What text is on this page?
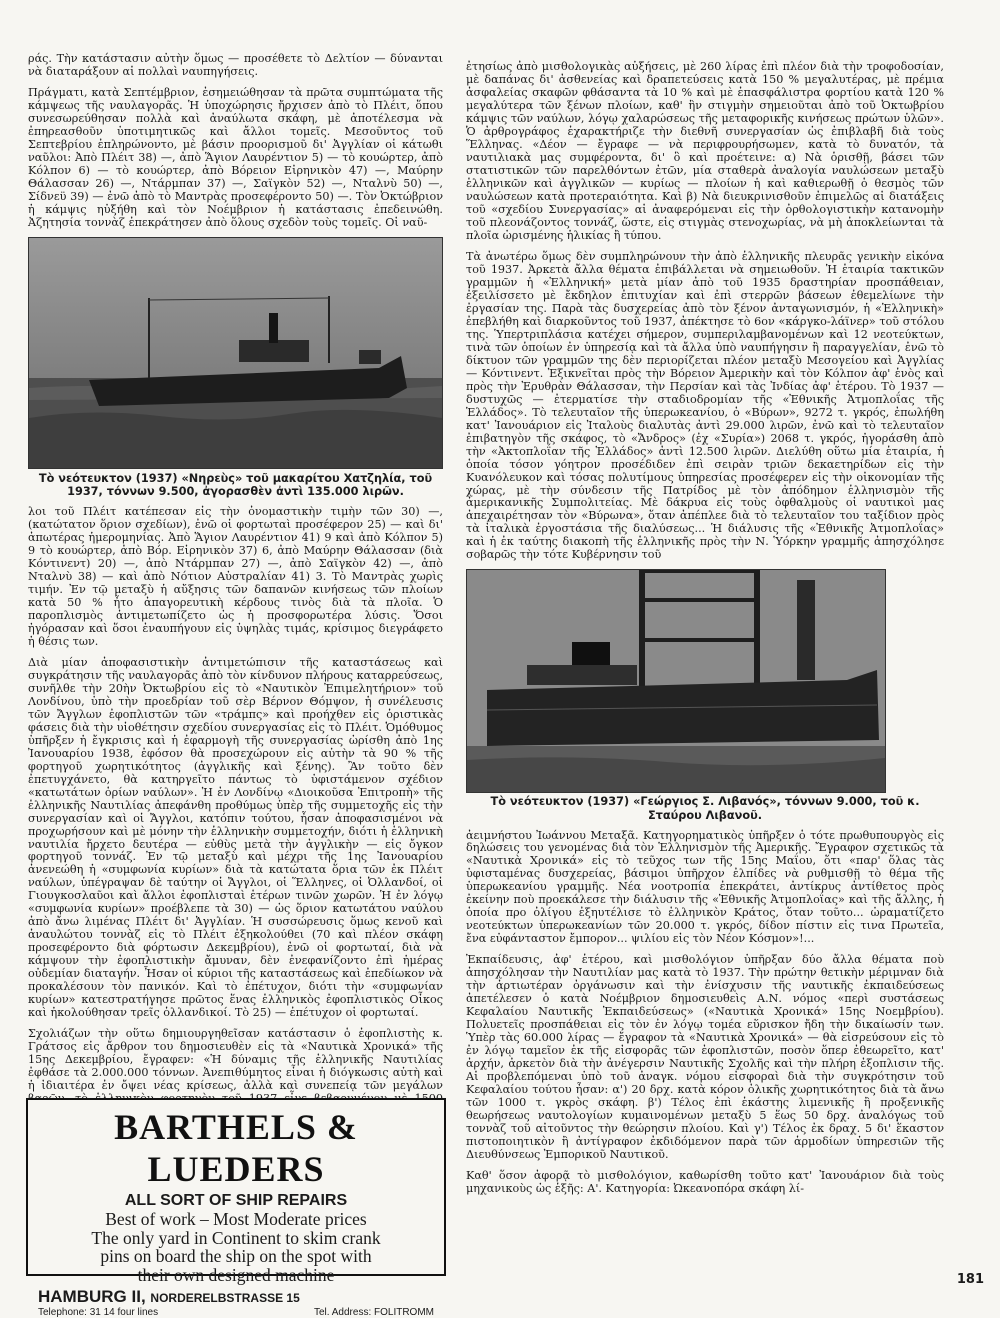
ράς. Τὴν κατάστασιν αὐτὴν ὅμως — προσέθετε τὸ Δελτίον — δύνανται νὰ διαταράξουν αἱ πολλαὶ ναυπηγήσεις.

Πράγματι, κατὰ Σεπτέμβριον, ἐσημειώθησαν τὰ πρῶτα συμπτώματα τῆς κάμψεως τῆς ναυλαγορᾶς. Ἡ ὑποχώρησις ἤρχισεν ἀπὸ τὸ Πλέιτ, ὅπου συνεσωρεύθησαν πολλὰ καὶ ἀναύλωτα σκάφη, μὲ ἀποτέλεσμα νὰ ἐπηρεασθοῦν ὑποτιμητικῶς καὶ ἄλλοι τομεῖς. Μεσοῦντος τοῦ Σεπτεβρίου ἐπληρώνοντο, μὲ βάσιν προορισμοῦ δι' Ἀγγλίαν οἱ κάτωθι ναῦλοι: Ἀπὸ Πλέιτ 38) —, ἀπὸ Ἅγιον Λαυρέντιον 5) — τὸ κουώρτερ, ἀπὸ Κόλπον 6) — τὸ κουώρτερ, ἀπὸ Βόρειον Εἰρηνικὸν 47) —, Μαύρην Θάλασσαν 26) —, Ντάρμπαν 37) —, Σαϊγκὸν 52) —, Νταλνὺ 50) —, Σίδνεϋ 39) — ἐνῶ ἀπὸ τὸ Μαντρὰς προσεφέροντο 50) —. Τὸν Ὀκτώβριον ἡ κάμψις ηὐξήθη καὶ τὸν Νοέμβριον ἡ κατάστασις ἐπεδεινώθη. Ἀζητησία τοννὰζ ἐπεκράτησεν ἀπὸ ὅλους σχεδὸν τοὺς τομεῖς. Οἱ ναῦ-

Τὸ νεότευκτον (1937) «Νηρεὺς» τοῦ μακαρίτου Χατζηλία, τοῦ 1937, τόννων 9.500, ἀγορασθὲν ἀντὶ 135.000 λιρῶν.

λοι τοῦ Πλέιτ κατέπεσαν εἰς τὴν ὀνομαστικὴν τιμὴν τῶν 30) —, (κατώτατον ὅριον σχεδίων), ἐνῶ οἱ φορτωταὶ προσέφερον 25) — καὶ δι' ἀπωτέρας ἡμερομηνίας. Ἀπὸ Ἅγιον Λαυρέντιον 41) 9 καὶ ἀπὸ Κόλπον 5) 9 τὸ κουώρτερ, ἀπὸ Βόρ. Εἰρηνικὸν 37) 6, ἀπὸ Μαύρην Θάλασσαν (διὰ Κόντινεντ) 20) —, ἀπὸ Ντάρμπαν 27) —, ἀπὸ Σαϊγκὸν 42) —, ἀπὸ Νταλνὺ 38) — καὶ ἀπὸ Νότιον Αὐστραλίαν 41) 3. Τὸ Μαντρὰς χωρὶς τιμήν. Ἐν τῷ μεταξὺ ἡ αὔξησις τῶν δαπανῶν κινήσεως τῶν πλοίων κατὰ 50 % ἦτο ἀπαγορευτικὴ κέρδους τινὸς διὰ τὰ πλοῖα. Ὁ παροπλισμὸς ἀντιμετωπίζετο ὡς ἡ προσφορωτέρα λύσις. Ὅσοι ἠγόρασαν καὶ ὅσοι ἐναυπήγουν εἰς ὑψηλὰς τιμάς, κρίσιμος διεγράφετο ἡ θέσις των.

Διὰ μίαν ἀποφασιστικὴν ἀντιμετώπισιν τῆς καταστάσεως καὶ συγκράτησιν τῆς ναυλαγορᾶς ἀπὸ τὸν κίνδυνον πλήρους καταρρεύσεως, συνῆλθε τὴν 20ὴν Ὀκτωβρίου εἰς τὸ «Ναυτικὸν Ἐπιμελητήριον» τοῦ Λονδίνου, ὑπὸ τὴν προεδρίαν τοῦ σὲρ Βέρνον Θόμψον, ἡ συνέλευσις τῶν Ἄγγλων ἐφοπλιστῶν τῶν «τράμπς» καὶ προήχθεν εἰς ὁριστικὰς φάσεις διὰ τὴν υἱοθέτησιν σχεδίου συνεργασίας εἰς τὸ Πλέιτ. Ὁμόθυμος ὑπῆρξεν ἡ ἔγκρισις καὶ ἡ ἐφαρμογὴ τῆς συνεργασίας ὡρίσθη ἀπὸ 1ης Ἰανουαρίου 1938, ἐφόσον θὰ προσεχώρουν εἰς αὐτὴν τὰ 90 % τῆς φορτηγοῦ χωρητικότητος (ἀγγλικῆς καὶ ξένης). Ἂν τοῦτο δὲν ἐπετυγχάνετο, θὰ κατηργεῖτο πάντως τὸ ὑφιστάμενον σχέδιον «κατωτάτων ὁρίων ναύλων». Ἡ ἐν Λονδίνῳ «Διοικοῦσα Ἐπιτροπὴ» τῆς ἑλληνικῆς Ναυτιλίας ἀπεφάνθη προθύμως ὑπὲρ τῆς συμμετοχῆς εἰς τὴν συνεργασίαν καὶ οἱ Ἄγγλοι, κατόπιν τούτου, ἦσαν ἀποφασισμένοι νὰ προχωρήσουν καὶ μὲ μόνην τὴν ἑλληνικὴν συμμετοχήν, διότι ἡ ἑλληνικὴ ναυτιλία ἤρχετο δευτέρα — εὐθὺς μετὰ τὴν ἀγγλικὴν — εἰς ὄγκον φορτηγοῦ τοννάζ. Ἐν τῷ μεταξὺ καὶ μέχρι τῆς 1ης Ἰανουαρίου ἀνενεώθη ἡ «συμφωνία κυρίων» διὰ τὰ κατώτατα ὅρια τῶν ἐκ Πλέιτ ναύλων, ὑπέγραψαν δὲ ταύτην οἱ Ἄγγλοι, οἱ Ἕλληνες, οἱ Ὀλλανδοί, οἱ Γιουγκοσλαῦοι καὶ ἄλλοι ἐφοπλισταὶ ἑτέρων τινῶν χωρῶν. Ἡ ἐν λόγῳ «συμφωνία κυρίων» προέβλεπε τὰ 30) — ὡς ὅριον κατωτάτου ναύλου ἀπὸ ἄνω λιμένας Πλέιτ δι' Ἀγγλίαν. Ἡ συσσώρευσις ὅμως κενοῦ καὶ ἀναυλώτου τοννὰζ εἰς τὸ Πλέιτ ἐξηκολούθει (70 καὶ πλέον σκάφη προσεφέροντο διὰ φόρτωσιν Δεκεμβρίου), ἐνῶ οἱ φορτωταί, διὰ νὰ κάμψουν τὴν ἐφοπλιστικὴν ἄμυναν, δὲν ἐνεφανίζοντο ἐπὶ ἡμέρας οὐδεμίαν διαταγήν. Ἦσαν οἱ κύριοι τῆς καταστάσεως καὶ ἐπεδίωκον νὰ προκαλέσουν τὸν πανικόν. Καὶ τὸ ἐπέτυχον, διότι τὴν «συμφωνίαν κυρίων» κατεστρατήγησε πρῶτος ἕνας ἑλληνικὸς ἐφοπλιστικὸς Οἶκος καὶ ἠκολούθησαν τρεῖς ὁλλανδικοί. Τὸ 25) — ἐπέτυχον οἱ φορτωταί.

Σχολιάζων τὴν οὕτω δημιουργηθεῖσαν κατάστασιν ὁ ἐφοπλιστὴς κ. Γράτσος εἰς ἄρθρον του δημοσιευθὲν εἰς τὰ «Ναυτικὰ Χρονικά» τῆς 15ης Δεκεμβρίου, ἔγραφεν: «Ἡ δύναμις τῆς ἑλληνικῆς Ναυτιλίας ἐφθάσε τὰ 2.000.000 τόννων. Ἀνεπιθύμητος εἶναι ἡ διόγκωσις αὐτὴ καὶ ἡ ἰδιαιτέρα ἐν ὄψει νέας κρίσεως, ἀλλὰ καὶ συνεπείᾳ τῶν μεγάλων

ἐτησίως ἀπὸ μισθολογικὰς αὐξήσεις, μὲ 260 λίρας ἐπὶ πλέον διὰ τὴν τροφοδοσίαν, μὲ δαπάνας δι' ἀσθενείας καὶ δραπετεύσεις κατὰ 150 % μεγαλυτέρας, μὲ πρέμια ἀσφαλείας σκαφῶν φθάσαντα τὰ 10 % καὶ μὲ ἐπασφάλιστρα φορτίου κατὰ 120 % μεγαλύτερα τῶν ξένων πλοίων, καθ' ἣν στιγμὴν σημειοῦται ἀπὸ τοῦ Ὀκτωβρίου κάμψις τῶν ναύλων, λόγῳ χαλαρώσεως τῆς μεταφορικῆς κινήσεως πρώτων ὑλῶν». Ὁ ἀρθρογράφος ἐχαρακτήριζε τὴν διεθνῆ συνεργασίαν ὡς ἐπιβλαβῆ διὰ τοὺς Ἕλληνας. «Δέον — ἔγραφε — νὰ περιφρουρήσωμεν, κατὰ τὸ δυνατόν, τὰ ναυτιλιακὰ μας συμφέροντα, δι' ὃ καὶ προέτεινε: α) Νὰ ὁρισθῇ, βάσει τῶν στατιστικῶν τῶν παρελθόντων ἐτῶν, μία σταθερὰ ἀναλογία ναυλώσεων μεταξὺ ἑλληνικῶν καὶ ἀγγλικῶν — κυρίως — πλοίων ἡ καὶ καθιερωθῇ ὁ θεσμὸς τῶν ναυλώσεων κατὰ προτεραιότητα. Καὶ β) Νὰ διευκρινισθοῦν ἐπιμελῶς αἱ διατάξεις τοῦ «σχεδίου Συνεργασίας» αἱ ἀναφερόμεναι εἰς τὴν ὀρθολογιστικὴν κατανομὴν τοῦ πλεονάζοντος τοννάζ, ὥστε, εἰς στιγμὰς στενοχωρίας, νὰ μὴ ἀποκλείωνται τὰ πλοῖα ὡρισμένης ἡλικίας ἢ τύπου.

Τὰ ἀνωτέρω ὅμως δὲν συμπληρώνουν τὴν ἀπὸ ἑλληνικῆς πλευρᾶς γενικὴν εἰκόνα τοῦ 1937. Ἀρκετὰ ἄλλα θέματα ἐπιβάλλεται νὰ σημειωθοῦν. Ἡ ἑταιρία τακτικῶν γραμμῶν ἡ «Ἑλληνική» μετὰ μίαν ἀπὸ τοῦ 1935 δραστηρίαν προσπάθειαν, ἐξειλίσσετο μὲ ἔκδηλον ἐπιτυχίαν καὶ ἐπὶ στερρῶν βάσεων ἐθεμελίωνε τὴν ἐργασίαν της. Παρὰ τὰς δυσχερείας ἀπὸ τὸν ξένον ἀνταγωνισμόν, ἡ «Ἑλληνικὴ» ἐπεβλήθη καὶ διαρκοῦντος τοῦ 1937, ἀπέκτησε τὸ 6ον «κάργκο-λάϊνερ» τοῦ στόλου της. Ὑπερτριπλάσια κατέχει σήμερον, συμπεριλαμβανομένων καὶ 12 νεοτεύκτων, τινὰ τῶν ὁποίων ἐν ὑπηρεσίᾳ καὶ τὰ ἄλλα ὑπὸ ναυπήγησιν ἢ παραγγελίαν, ἐνῶ τὸ δίκτυον τῶν γραμμῶν της δὲν περιορίζεται πλέον μεταξὺ Μεσογείου καὶ Ἀγγλίας — Κόντινεντ. Ἐξικνεῖται πρὸς τὴν Βόρειον Ἀμερικὴν καὶ τὸν Κόλπον ἀφ' ἑνὸς καὶ πρὸς τὴν Ἐρυθρὰν Θάλασσαν, τὴν Περσίαν καὶ τὰς Ἰνδίας ἀφ' ἑτέρου. Τὸ 1937 — δυστυχῶς — ἐτερματίσε τὴν σταδιοδρομίαν τῆς «Ἐθνικῆς Ἀτμοπλοΐας τῆς Ἑλλάδος». Τὸ τελευταῖον τῆς ὑπερωκεανίου, ὁ «Βύρων», 9272 τ. γκρός, ἐπωλήθη κατ' Ἰανουάριον εἰς Ἰταλοὺς διαλυτὰς ἀντὶ 29.000 λιρῶν, ἐνῶ καὶ τὸ τελευταῖον ἐπιβατηγὸν τῆς σκάφος, τὸ «Ἄνδρος» (ἐχ «Συρία») 2068 τ. γκρός, ἠγοράσθη ἀπὸ τὴν «Ἀκτοπλοΐαν τῆς Ἑλλάδος» ἀντὶ 12.500 λιρῶν. Διελύθη οὕτω μία ἑταιρία, ἡ ὁποία τόσον γόητρον προσέδιδεν ἐπὶ σειρὰν τριῶν δεκαετηρίδων εἰς τὴν Κυανόλευκον καὶ τόσας πολυτίμους ὑπηρεσίας προσέφερεν εἰς τὴν οἰκονομίαν τῆς χώρας, μὲ τὴν σύνδεσιν τῆς Πατρίδος μὲ τὸν ἀπόδημον ἑλληνισμὸν τῆς ἀμερικανικῆς Συμπολιτείας. Μὲ δάκρυα εἰς τοὺς ὀφθαλμοὺς οἱ ναυτικοὶ μας ἀπεχαιρέτησαν τὸν «Βύρωνα», ὅταν ἀπέπλεε διὰ τὸ τελευταῖον του ταξίδιον πρὸς τὰ ἰταλικὰ ἐργοστάσια τῆς διαλύσεως... Ἡ διάλυσις τῆς «Ἐθνικῆς Ἀτμοπλοΐας» καὶ ἡ ἐκ ταύτης διακοπὴ τῆς ἑλληνικῆς πρὸς τὴν Ν. Ὑόρκην γραμμῆς ἀπησχόλησε σοβαρῶς τὴν τότε Κυβέρνησιν τοῦ

Τὸ νεότευκτον (1937) «Γεώργιος Σ. Λιβανός», τόννων 9.000, τοῦ κ. Σταύρου Λιβανοῦ.

ἀειμνήστου Ἰωάννου Μεταξᾶ. Κατηγορηματικὸς ὑπῆρξεν ὁ τότε πρωθυπουργὸς εἰς δηλώσεις του γενομένας διὰ τὸν Ἑλληνισμὸν τῆς Ἀμερικῆς. Ἔγραφον σχετικῶς τὰ «Ναυτικὰ Χρονικά» εἰς τὸ τεῦχος των τῆς 15ης Μαΐου, ὅτι «παρ' ὅλας τὰς ὑφισταμένας δυσχερείας, βάσιμοι ὑπῆρχον ἐλπίδες νὰ ρυθμισθῇ τὸ θέμα τῆς ὑπερωκεανίου γραμμῆς. Νέα νοοτροπία ἐπεκράτει, ἀντίκρυς ἀντίθετος πρὸς ἐκείνην ποὺ προεκάλεσε τὴν διάλυσιν τῆς «Ἐθνικῆς Ἀτμοπλοΐας» καὶ τῆς ἄλλης, ἡ ὁποία προ ὀλίγου ἐξηυτέλισε τὸ ἑλληνικὸν Κράτος, ὅταν τοῦτο... ὡραματίζετο νεοτεύκτων ὑπερωκεανίων τῶν 20.000 τ. γκρός, δίδον πίστιν εἰς τινα Πρωτεῖα, ἔνα εὐφάνταστον ἔμπορον... ψιλίου εἰς τὸν Νέον Κόσμον»!...

Ἐκπαίδευσις, ἀφ' ἑτέρου, καὶ μισθολόγιον ὑπῆρξαν δύο ἄλλα θέματα ποὺ ἀπησχόλησαν τὴν Ναυτιλίαν μας κατὰ τὸ 1937. Τὴν πρώτην θετικὴν μέριμναν διὰ τὴν ἀρτιωτέραν ὀργάνωσιν καὶ τὴν ἐνίσχυσιν τῆς ναυτικῆς ἐκπαιδεύσεως ἀπετέλεσεν ὁ κατὰ Νοέμβριον δημοσιευθεὶς Α.Ν. νόμος «περὶ συστάσεως Κεφαλαίου Ναυτικῆς Ἐκπαιδεύσεως» («Ναυτικὰ Χρονικά» 15ης Νοεμβρίου). Πολυετεῖς προσπάθειαι εἰς τὸν ἐν λόγῳ τομέα εὕρισκον ἤδη τὴν δικαίωσίν των. Ὑπὲρ τὰς 60.000 λίρας — ἔγραφον τὰ «Ναυτικὰ Χρονικά» — θὰ εἰσρεύσουν εἰς τὸ ἐν λόγῳ ταμεῖον ἐκ τῆς εἰσφορᾶς τῶν ἐφοπλιστῶν, ποσὸν ὅπερ ἐθεωρεῖτο, κατ' ἀρχήν, ἀρκετὸν διὰ τὴν ἀνέγερσιν Ναυτικῆς Σχολῆς καὶ τὴν πλήρη ἐξοπλισιν τῆς. Αἱ προβλεπόμεναι ὑπὸ τοῦ ἀναγκ. νόμου εἰσφοραὶ διὰ τὴν συγκρότησιν τοῦ Κεφαλαίου τούτου ἦσαν: α') 20 δρχ. κατὰ κόρον ὀλικῆς χωρητικότητος διὰ τὰ ἄνω τῶν 1000 τ. γκρὸς σκάφη. β') Τέλος ἐπὶ ἑκάστης λιμενικῆς ἢ προξενικῆς θεωρήσεως ναυτολογίων κυμαινομένων μεταξὺ 5 ἕως 50 δρχ. ἀναλόγως τοῦ τοννὰζ τοῦ αἰτοῦντος τὴν θεώρησιν πλοίου. Καὶ γ') Τέλος ἐκ δραχ. 5 δι' ἕκαστον πιστοποιητικὸν ἢ ἀντίγραφον ἐκδιδόμενον παρὰ τῶν ἁρμοδίων ὑπηρεσιῶν τῆς Διευθύνσεως Ἐμπορικοῦ Ναυτικοῦ.

Καθ' ὅσον ἀφορᾷ τὸ μισθολόγιον, καθωρίσθη τοῦτο κατ' Ἰανουάριον διὰ τοὺς μηχανικοὺς ὡς ἑξῆς: Α'. Κατηγορία: Ὠκεανοπόρα σκάφη λί-

BARTHELS & LUEDERS
ALL SORT OF SHIP REPAIRS
Best of work – Most Moderate prices
The only yard in Continent to skim crank
pins on board the ship on the spot with
their own designed machine
HAMBURG II, NORDERELBSTRASSE 15
Telephone: 31 14 four lines	Tel. Address: FOLITROMM
181
